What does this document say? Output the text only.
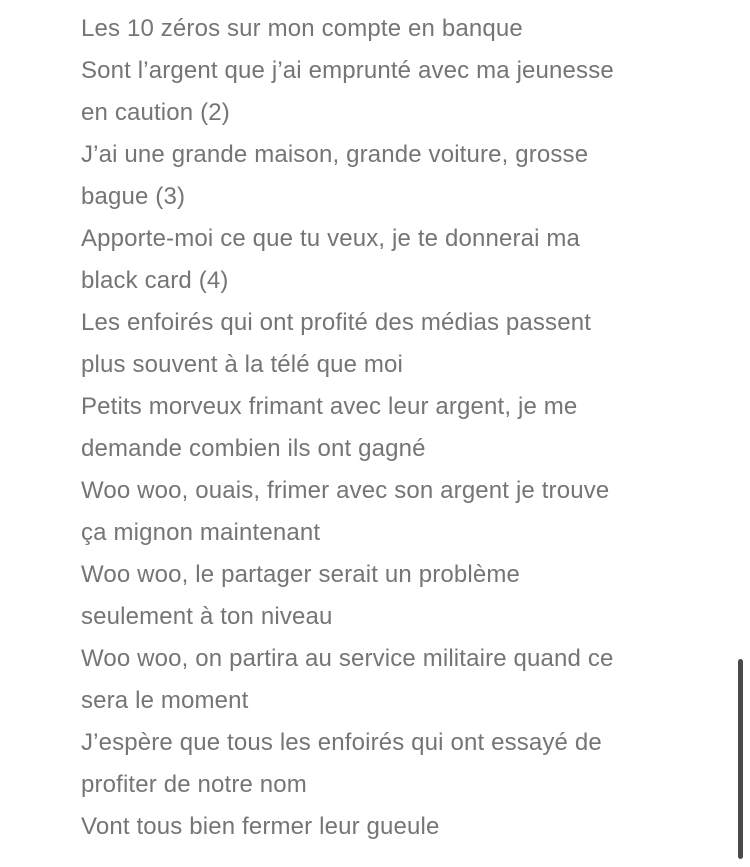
Les 10 zéros sur mon compte en banque
Sont l’argent que j’ai emprunté avec ma jeunesse
en caution (2)
J’ai une grande maison, grande voiture, grosse
bague (3)
Apporte-moi ce que tu veux, je te donnerai ma
black card (4)
Les enfoirés qui ont profité des médias passent
plus souvent à la télé que moi
Petits morveux frimant avec leur argent, je me
demande combien ils ont gagné
Woo woo, ouais, frimer avec son argent je trouve
ça mignon maintenant
Woo woo, le partager serait un problème
seulement à ton niveau
Woo woo, on partira au service militaire quand ce
sera le moment
J’espère que tous les enfoirés qui ont essayé de
profiter de notre nom
Vont tous bien fermer leur gueule
